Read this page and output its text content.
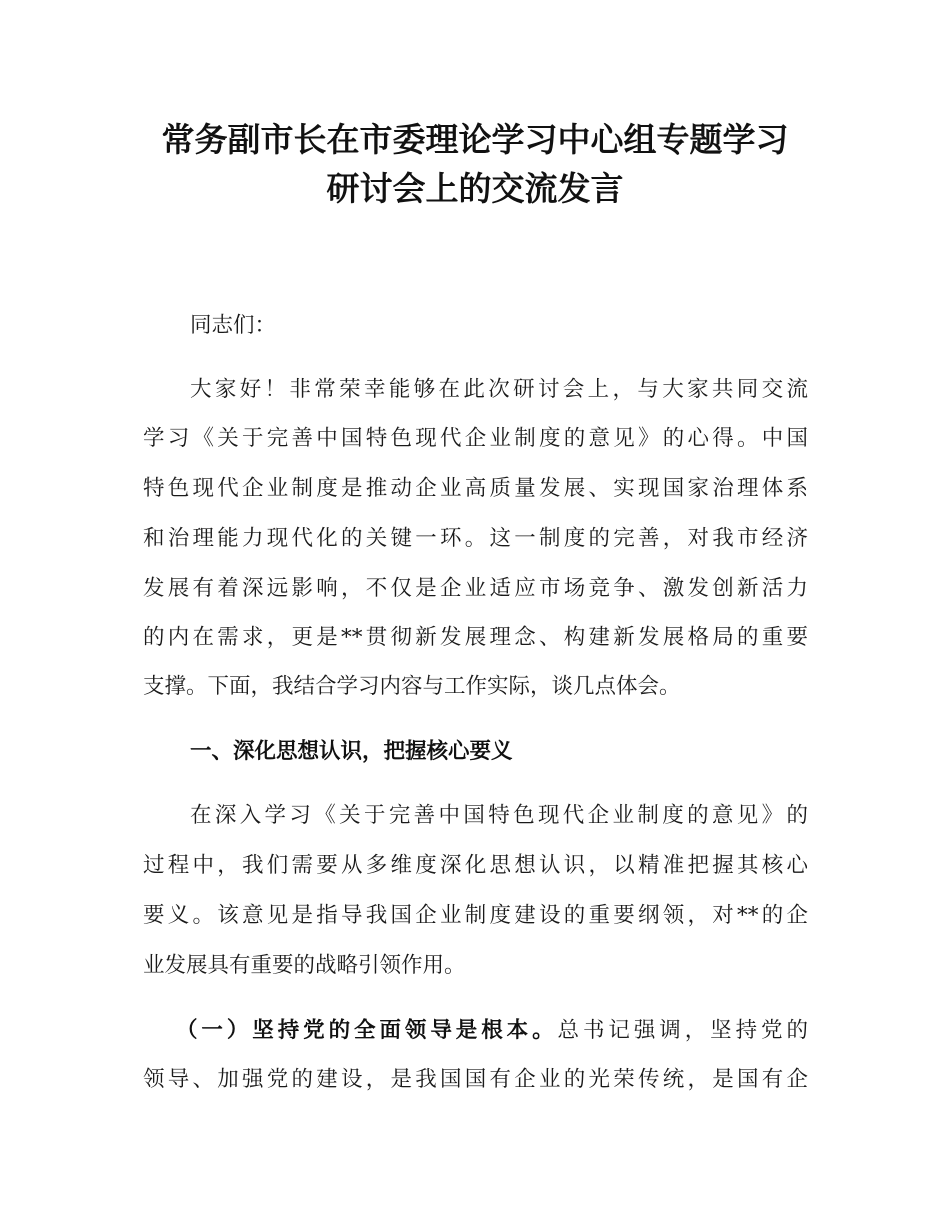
常务副市长在市委理论学习中心组专题学习
研讨会上的交流发言
同志们：
大家好！非常荣幸能够在此次研讨会上，与大家共同交流
学习《关于完善中国特色现代企业制度的意见》的心得。中国
特色现代企业制度是推动企业高质量发展、实现国家治理体系
和治理能力现代化的关键一环。这一制度的完善，对我市经济
发展有着深远影响，不仅是企业适应市场竞争、激发创新活力
的内在需求，更是**贯彻新发展理念、构建新发展格局的重要
支撑。下面，我结合学习内容与工作实际，谈几点体会。
一、深化思想认识，把握核心要义
在深入学习《关于完善中国特色现代企业制度的意见》的
过程中，我们需要从多维度深化思想认识，以精准把握其核心
要义。该意见是指导我国企业制度建设的重要纲领，对**的企
业发展具有重要的战略引领作用。
（一）坚持党的全面领导是根本。总书记强调，坚持党的
领导、加强党的建设，是我国国有企业的光荣传统，是国有企
